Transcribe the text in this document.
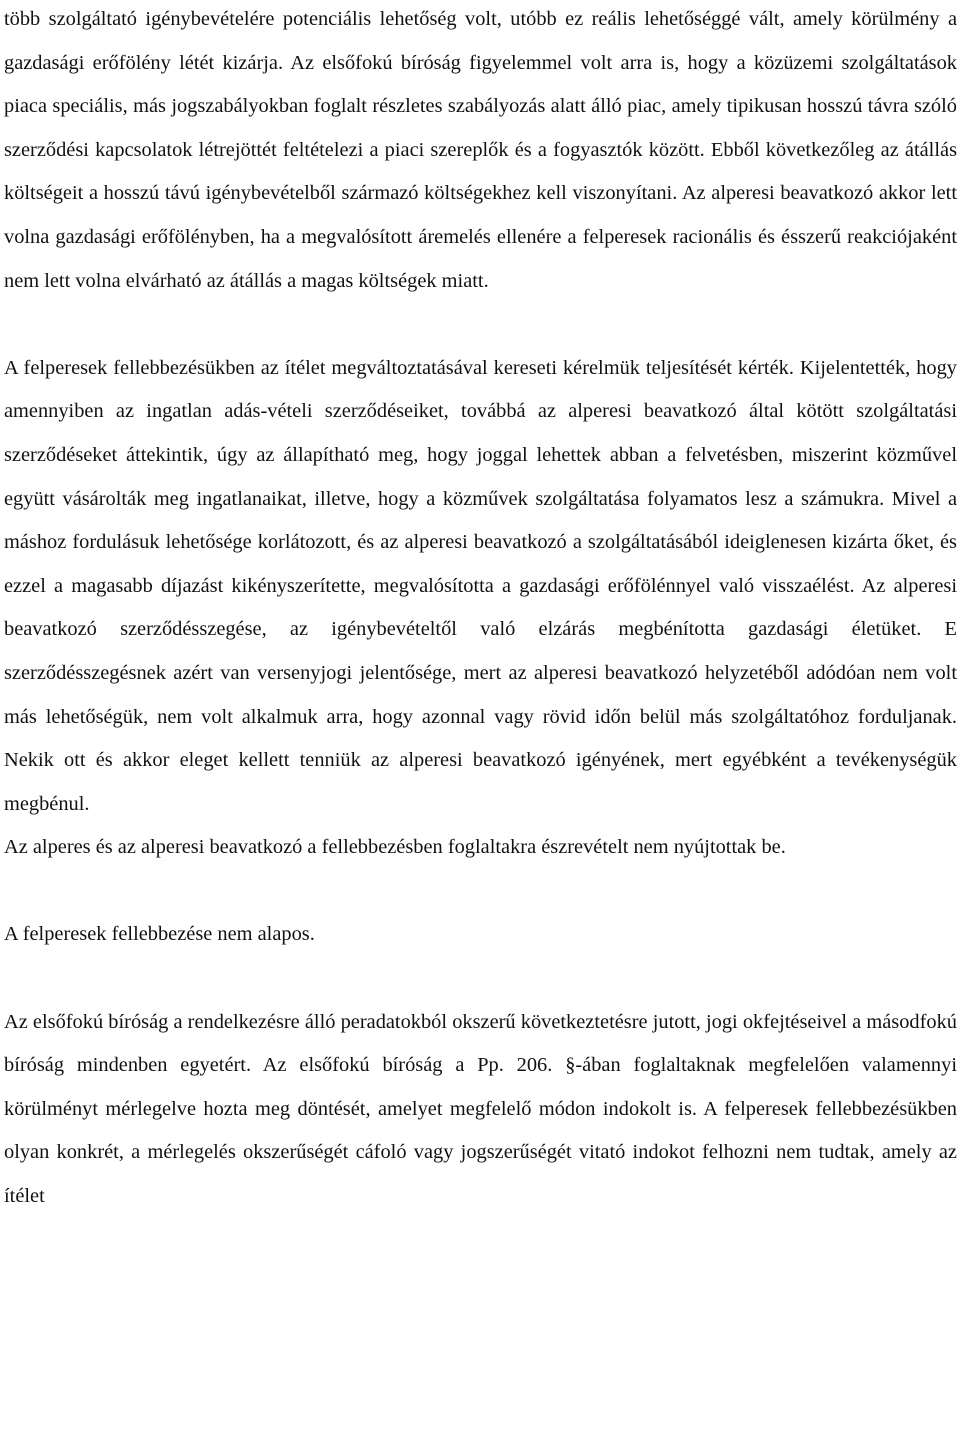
több szolgáltató igénybevételére potenciális lehetőség volt, utóbb ez reális lehetőséggé vált, amely körülmény a gazdasági erőfölény létét kizárja. Az elsőfokú bíróság figyelemmel volt arra is, hogy a közüzemi szolgáltatások piaca speciális, más jogszabályokban foglalt részletes szabályozás alatt álló piac, amely tipikusan hosszú távra szóló szerződési kapcsolatok létrejöttét feltételezi a piaci szereplők és a fogyasztók között. Ebből következőleg az átállás költségeit a hosszú távú igénybevételből származó költségekhez kell viszonyítani. Az alperesi beavatkozó akkor lett volna gazdasági erőfölényben, ha a megvalósított áremelés ellenére a felperesek racionális és ésszerű reakciójaként nem lett volna elvárható az átállás a magas költségek miatt.

A felperesek fellebbezésükben az ítélet megváltoztatásával kereseti kérelmük teljesítését kérték. Kijelentették, hogy amennyiben az ingatlan adás-vételi szerződéseiket, továbbá az alperesi beavatkozó által kötött szolgáltatási szerződéseket áttekintik, úgy az állapítható meg, hogy joggal lehettek abban a felvetésben, miszerint közművel együtt vásárolták meg ingatlanaikat, illetve, hogy a közművek szolgáltatása folyamatos lesz a számukra. Mivel a máshoz fordulásuk lehetősége korlátozott, és az alperesi beavatkozó a szolgáltatásából ideiglenesen kizárta őket, és ezzel a magasabb díjazást kikényszerítette, megvalósította a gazdasági erőfölénnyel való visszaélést. Az alperesi beavatkozó szerződésszegése, az igénybevételtől való elzárás megbénította gazdasági életüket. E szerződésszegésnek azért van versenyjogi jelentősége, mert az alperesi beavatkozó helyzetéből adódóan nem volt más lehetőségük, nem volt alkalmuk arra, hogy azonnal vagy rövid időn belül más szolgáltatóhoz forduljanak. Nekik ott és akkor eleget kellett tenniük az alperesi beavatkozó igényének, mert egyébként a tevékenységük megbénul.

Az alperes és az alperesi beavatkozó a fellebbezésben foglaltakra észrevételt nem nyújtottak be.

A felperesek fellebbezése nem alapos.

Az elsőfokú bíróság a rendelkezésre álló peradatokból okszerű következtetésre jutott, jogi okfejtéseivel a másodfokú bíróság mindenben egyetért. Az elsőfokú bíróság a Pp. 206. §-ában foglaltaknak megfelelően valamennyi körülményt mérlegelve hozta meg döntését, amelyet megfelelő módon indokolt is. A felperesek fellebbezésükben olyan konkrét, a mérlegelés okszerűségét cáfoló vagy jogszerűségét vitató indokot felhozni nem tudtak, amely az ítélet
